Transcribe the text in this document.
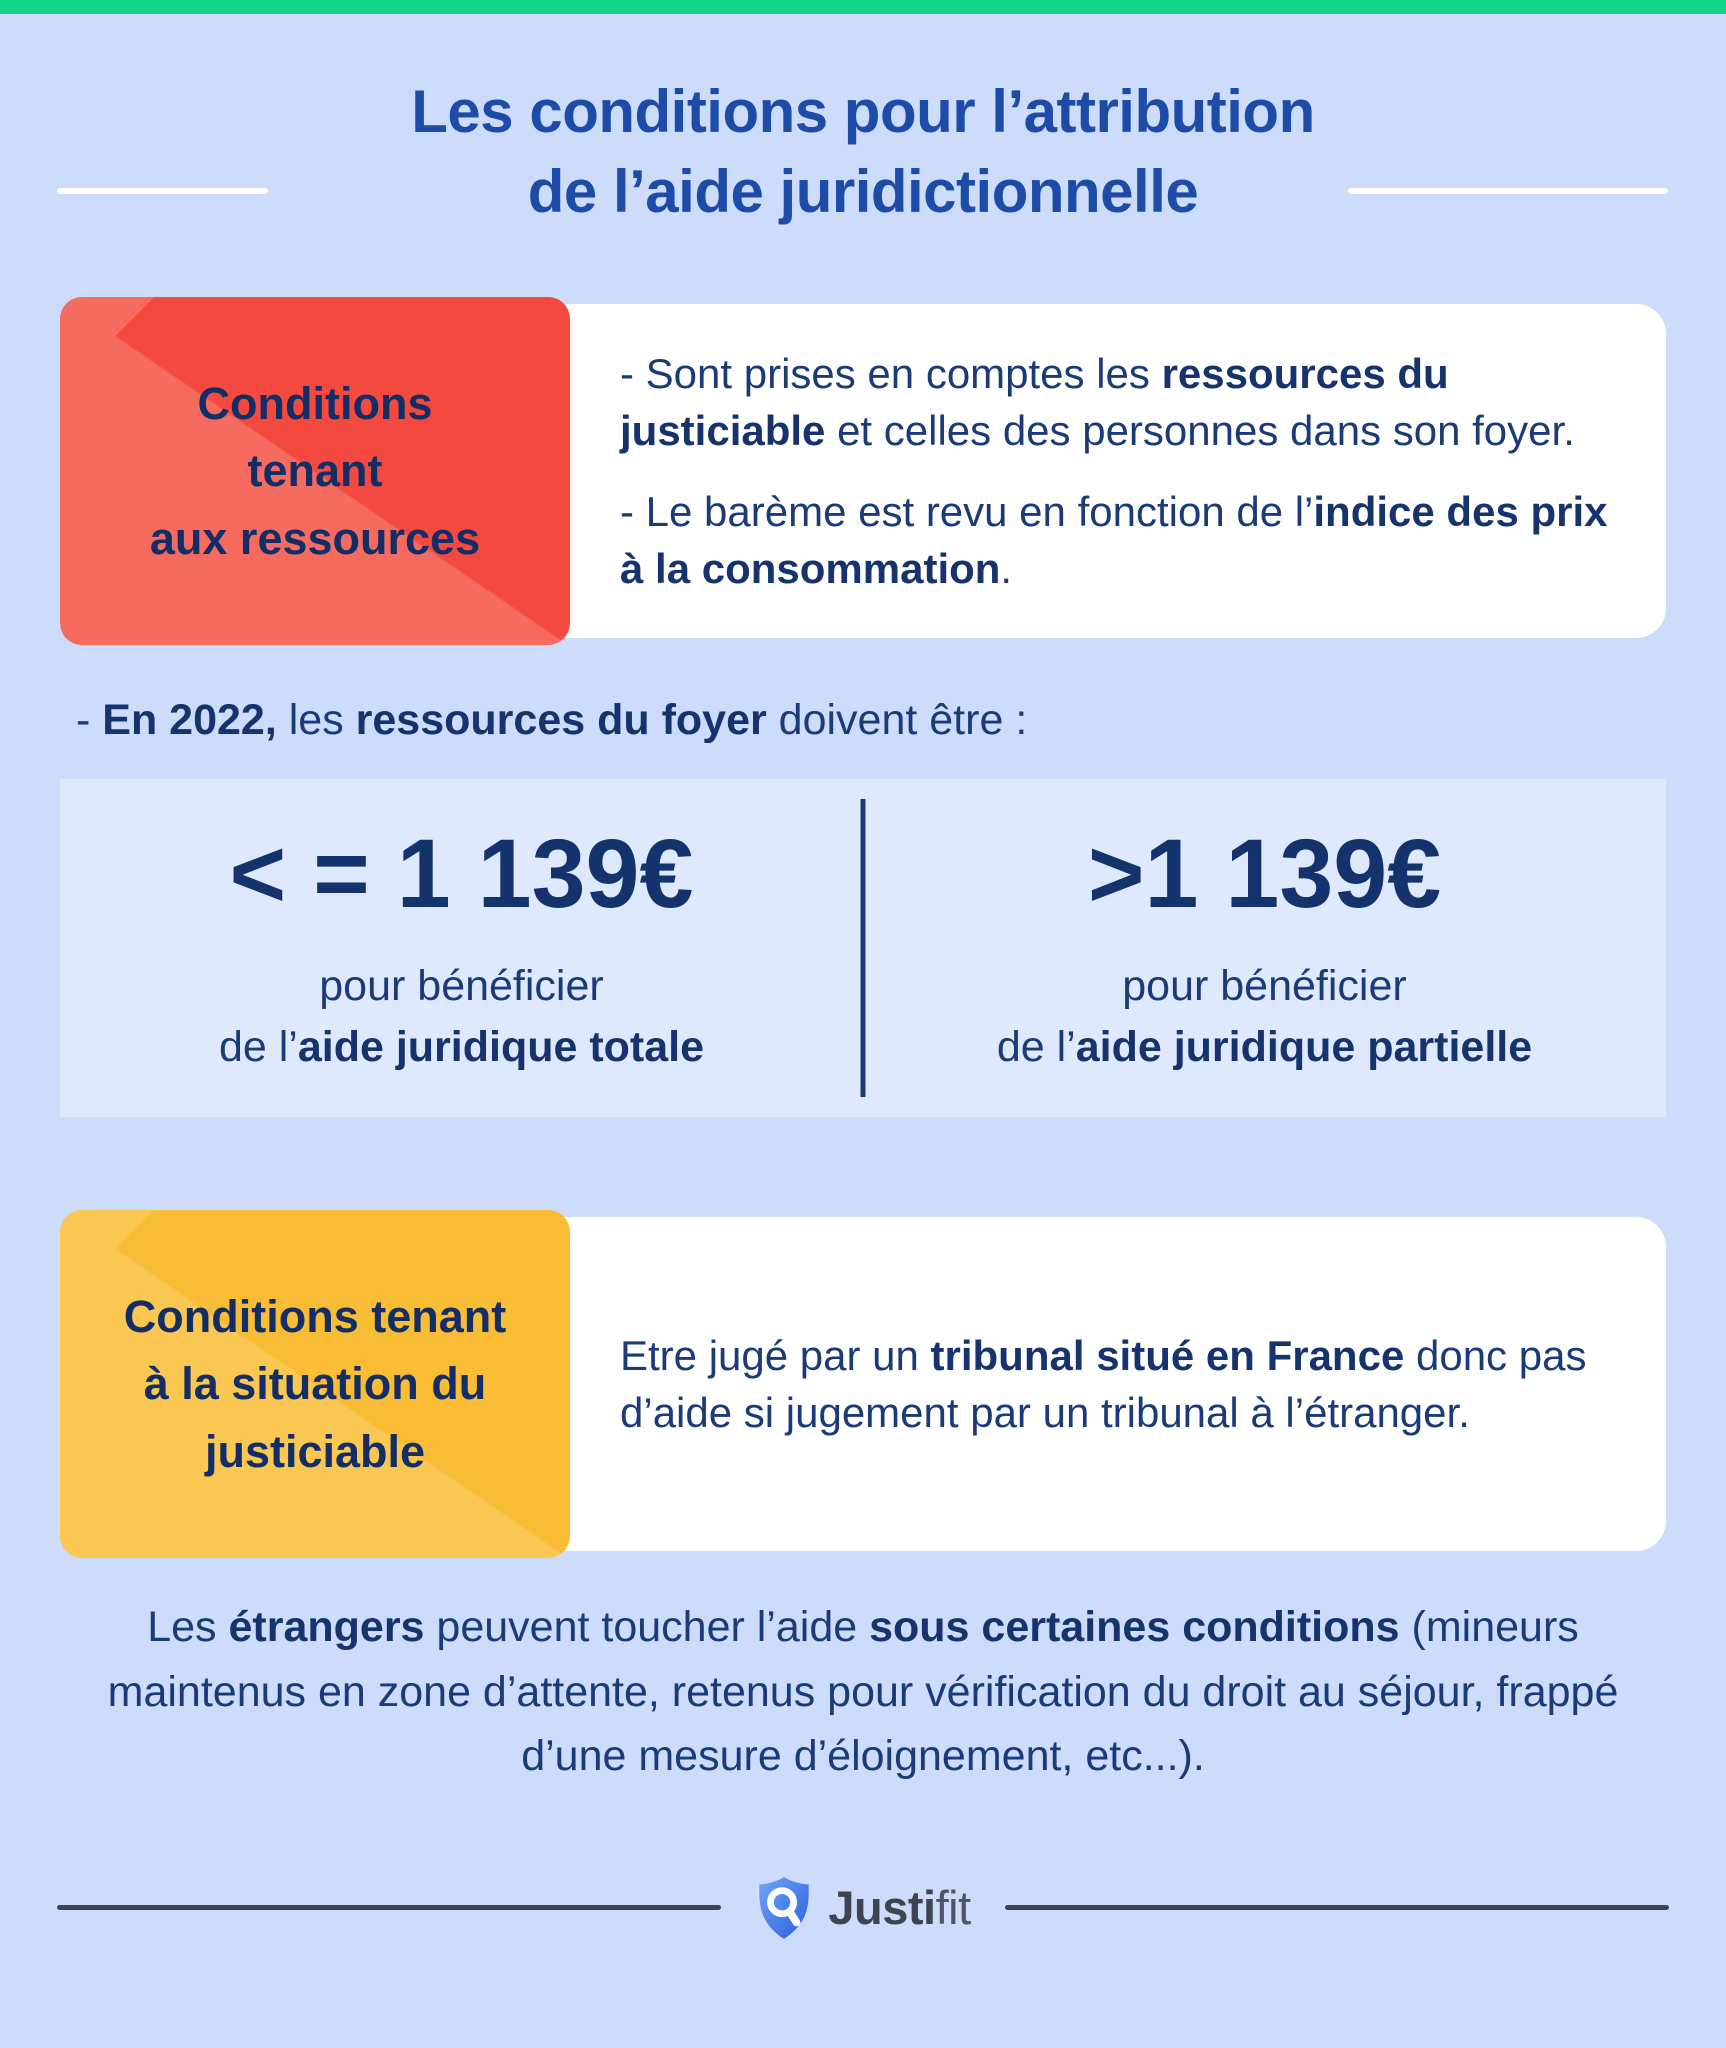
Les conditions pour l’attribution
de l’aide juridictionnelle
Conditions
tenant
aux ressources

- Sont prises en comptes les ressources du justiciable et celles des personnes dans son foyer.

- Le barème est revu en fonction de l’indice des prix à la consommation.

- En 2022, les ressources du foyer doivent être :

< = 1 139€
pour bénéficier
de l’aide juridique totale
>1 139€
pour bénéficier
de l’aide juridique partielle
Conditions tenant
à la situation du
justiciable

Etre jugé par un tribunal situé en France donc pas d’aide si jugement par un tribunal à l’étranger.

Les étrangers peuvent toucher l’aide sous certaines conditions (mineurs maintenus en zone d’attente, retenus pour vérification du droit au séjour, frappé d’une mesure d’éloignement, etc...).

Justifit
